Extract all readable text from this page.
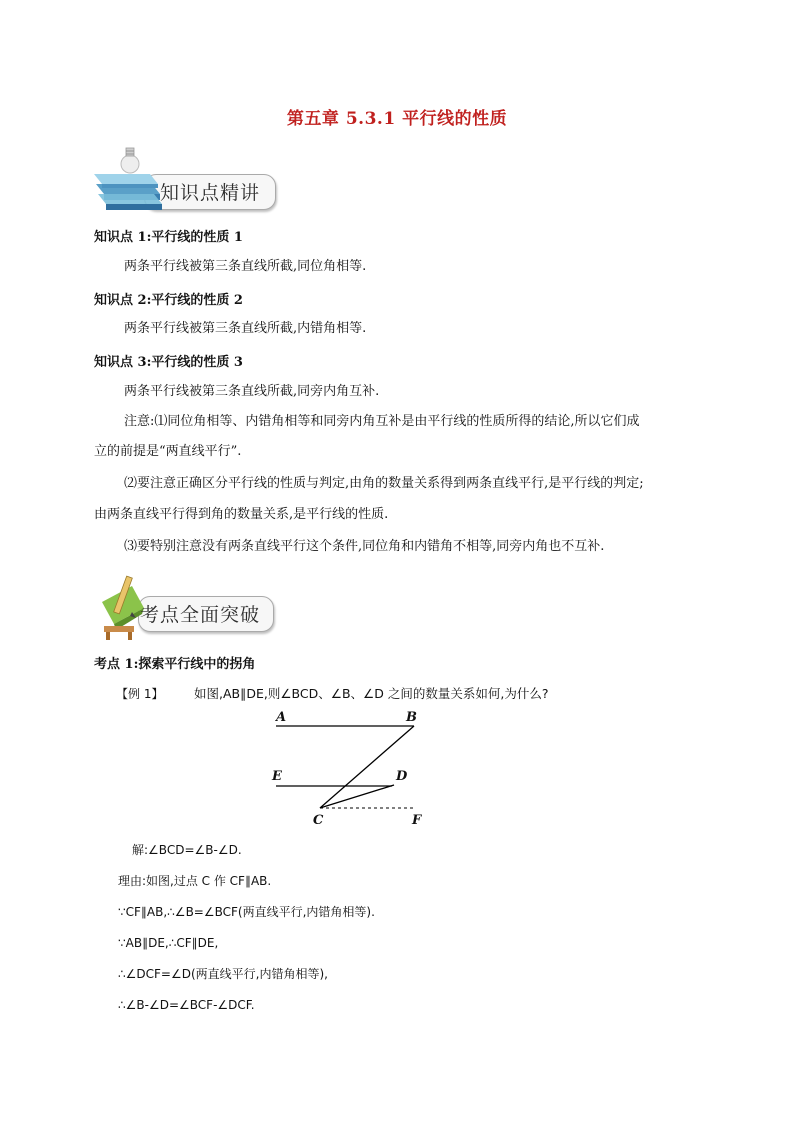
第五章 5.3.1 平行线的性质
知识点精讲
知识点 1:平行线的性质 1
两条平行线被第三条直线所截,同位角相等.
知识点 2:平行线的性质 2
两条平行线被第三条直线所截,内错角相等.
知识点 3:平行线的性质 3
两条平行线被第三条直线所截,同旁内角互补.
注意:⑴同位角相等、内错角相等和同旁内角互补是由平行线的性质所得的结论,所以它们成
立的前提是“两直线平行”.
⑵要注意正确区分平行线的性质与判定,由角的数量关系得到两条直线平行,是平行线的判定;
由两条直线平行得到角的数量关系,是平行线的性质.
⑶要特别注意没有两条直线平行这个条件,同位角和内错角不相等,同旁内角也不互补.
考点全面突破
考点 1:探索平行线中的拐角
【例 1】 如图,AB∥DE,则∠BCD、∠B、∠D 之间的数量关系如何,为什么?
A	B
E	D
C	F
解:∠BCD=∠B-∠D.
理由:如图,过点 C 作 CF∥AB.
∵CF∥AB,∴∠B=∠BCF(两直线平行,内错角相等).
∵AB∥DE,∴CF∥DE,
∴∠DCF=∠D(两直线平行,内错角相等),
∴∠B-∠D=∠BCF-∠DCF.
